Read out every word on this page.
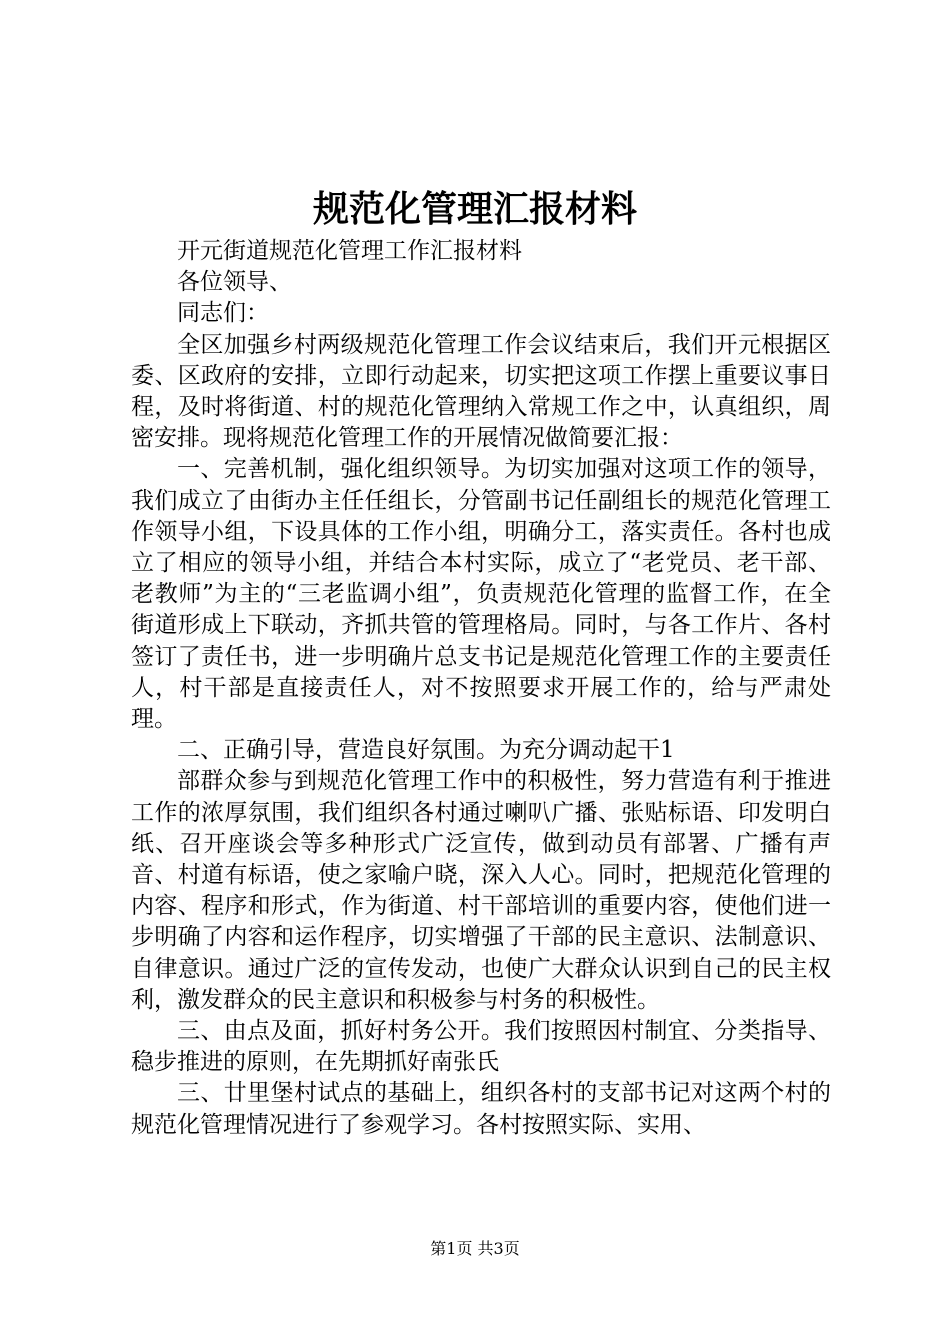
规范化管理汇报材料

开元街道规范化管理工作汇报材料

各位领导、

同志们：

全区加强乡村两级规范化管理工作会议结束后，我们开元根据区委、区政府的安排，立即行动起来，切实把这项工作摆上重要议事日程，及时将街道、村的规范化管理纳入常规工作之中，认真组织，周密安排。现将规范化管理工作的开展情况做简要汇报：

一、完善机制，强化组织领导。为切实加强对这项工作的领导，我们成立了由街办主任任组长，分管副书记任副组长的规范化管理工作领导小组，下设具体的工作小组，明确分工，落实责任。各村也成立了相应的领导小组，并结合本村实际，成立了“老党员、老干部、老教师”为主的“三老监调小组”，负责规范化管理的监督工作，在全街道形成上下联动，齐抓共管的管理格局。同时，与各工作片、各村签订了责任书，进一步明确片总支书记是规范化管理工作的主要责任人，村干部是直接责任人，对不按照要求开展工作的，给与严肃处理。

二、正确引导，营造良好氛围。为充分调动起干1

部群众参与到规范化管理工作中的积极性，努力营造有利于推进工作的浓厚氛围，我们组织各村通过喇叭广播、张贴标语、印发明白纸、召开座谈会等多种形式广泛宣传，做到动员有部署、广播有声音、村道有标语，使之家喻户晓，深入人心。同时，把规范化管理的内容、程序和形式，作为街道、村干部培训的重要内容，使他们进一步明确了内容和运作程序，切实增强了干部的民主意识、法制意识、自律意识。通过广泛的宣传发动，也使广大群众认识到自己的民主权利，激发群众的民主意识和积极参与村务的积极性。

三、由点及面，抓好村务公开。我们按照因村制宜、分类指导、稳步推进的原则，在先期抓好南张氏

三、廿里堡村试点的基础上，组织各村的支部书记对这两个村的规范化管理情况进行了参观学习。各村按照实际、实用、

第1页 共3页
